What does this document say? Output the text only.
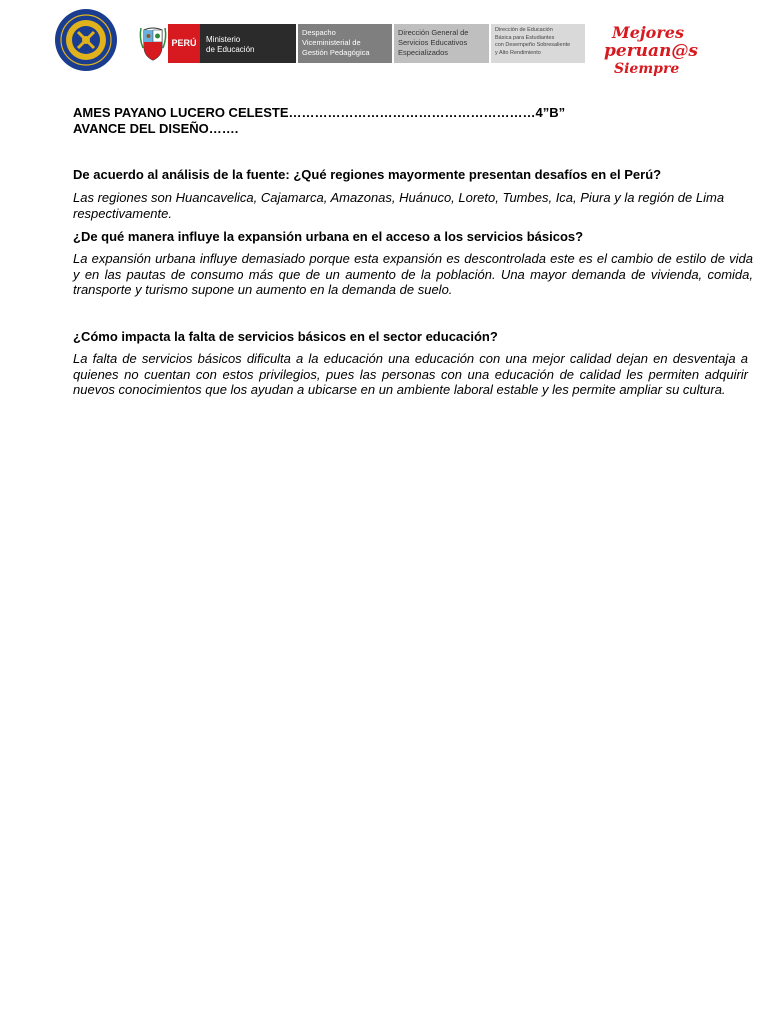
PERÚ	Ministerio
de Educación
Despacho
Viceministerial de
Gestión Pedagógica
Dirección General de
Servicios Educativos
Especializados
Dirección de Educación
Básica para Estudiantes
con Desempeño Sobresaliente
y Alto Rendimiento
Mejores
peruan@s
Siempre

AMES PAYANO LUCERO CELESTE…………………………………………………4”B”

AVANCE DEL DISEÑO…….

De acuerdo al análisis de la fuente: ¿Qué regiones mayormente presentan desafíos en el Perú?

Las regiones son Huancavelica, Cajamarca, Amazonas, Huánuco, Loreto, Tumbes, Ica, Piura y la región de Lima respectivamente.

¿De qué manera influye la expansión urbana en el acceso a los servicios básicos?

La expansión urbana influye demasiado porque esta expansión es descontrolada este es el cambio de estilo de vida y en las pautas de consumo más que de un aumento de la población. Una mayor demanda de vivienda, comida, transporte y turismo supone un aumento en la demanda de suelo.

¿Cómo impacta la falta de servicios básicos en el sector educación?

La falta de servicios básicos dificulta a la educación una educación con una mejor calidad dejan en desventaja a quienes no cuentan con estos privilegios, pues las personas con una educación de calidad les permiten adquirir nuevos conocimientos que los ayudan a ubicarse en un ambiente laboral estable y les permite ampliar su cultura.
